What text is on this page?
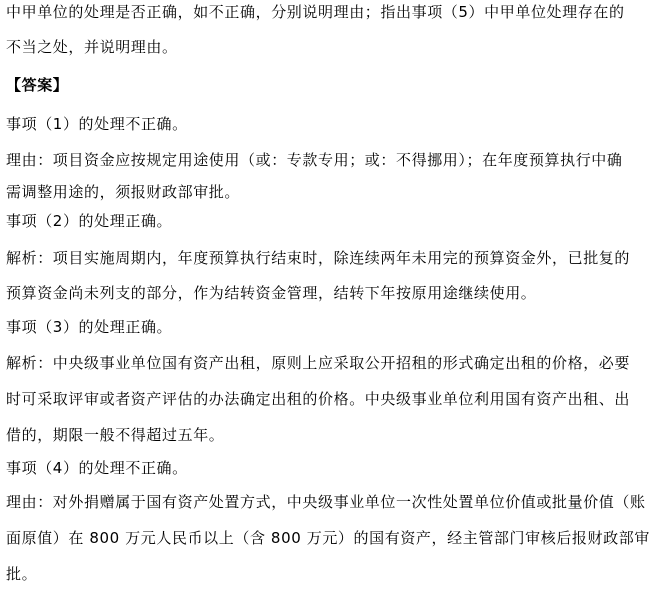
中甲单位的处理是否正确，如不正确，分别说明理由；指出事项（5）中甲单位处理存在的
不当之处，并说明理由。
【答案】
事项（1）的处理不正确。
理由：项目资金应按规定用途使用（或：专款专用；或：不得挪用）；在年度预算执行中确
需调整用途的，须报财政部审批。
事项（2）的处理正确。
解析：项目实施周期内，年度预算执行结束时，除连续两年未用完的预算资金外，已批复的
预算资金尚未列支的部分，作为结转资金管理，结转下年按原用途继续使用。
事项（3）的处理正确。
解析：中央级事业单位国有资产出租，原则上应采取公开招租的形式确定出租的价格，必要
时可采取评审或者资产评估的办法确定出租的价格。中央级事业单位利用国有资产出租、出
借的，期限一般不得超过五年。
事项（4）的处理不正确。
理由：对外捐赠属于国有资产处置方式，中央级事业单位一次性处置单位价值或批量价值（账
面原值）在 800 万元人民币以上（含 800 万元）的国有资产，经主管部门审核后报财政部审
批。
